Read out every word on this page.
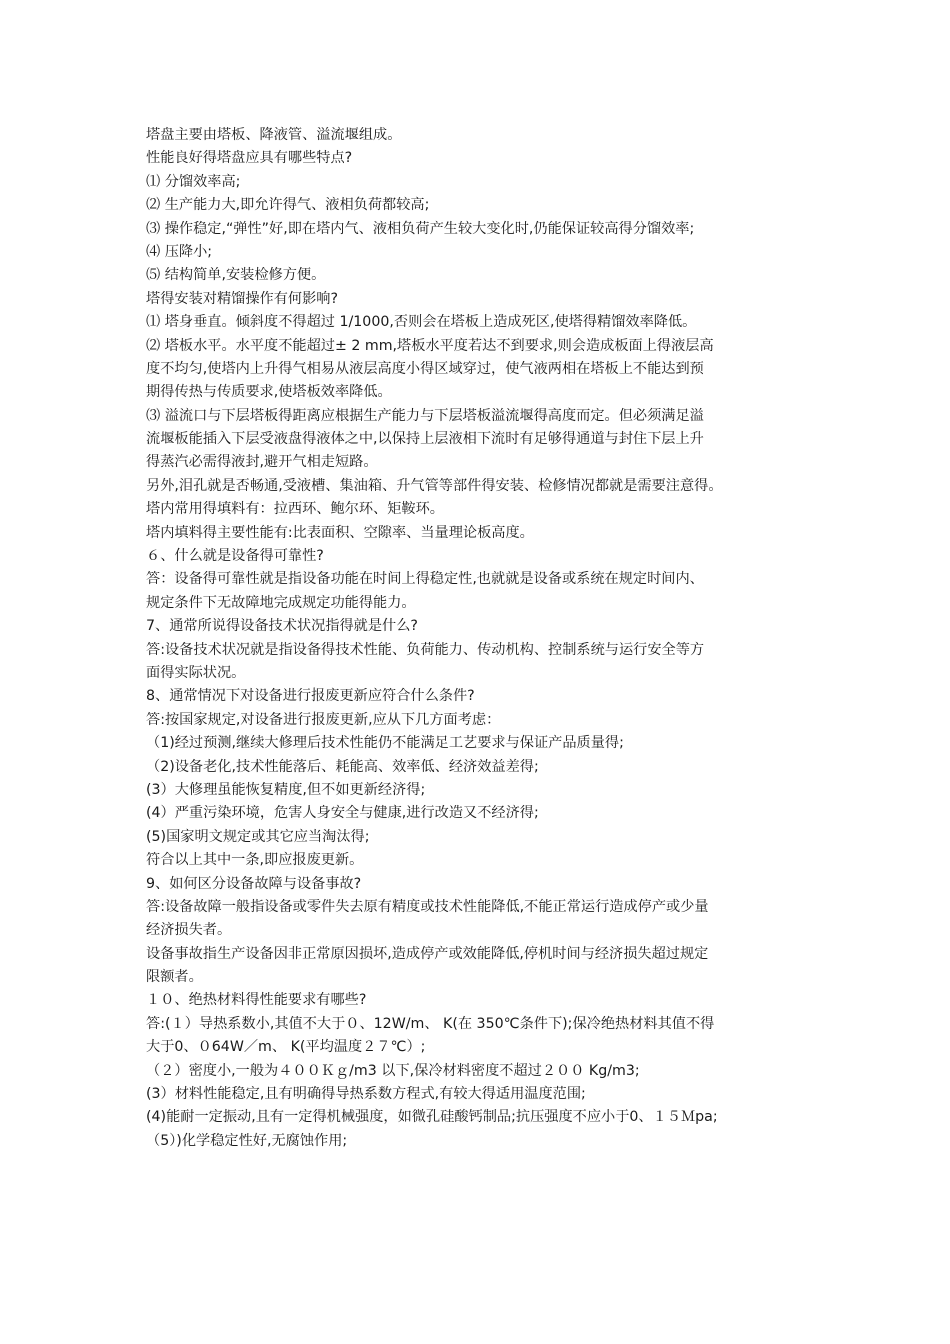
塔盘主要由塔板、降液管、溢流堰组成。
性能良好得塔盘应具有哪些特点?
⑴ 分馏效率高;
⑵ 生产能力大,即允许得气、液相负荷都较高;
⑶ 操作稳定,“弹性”好,即在塔内气、液相负荷产生较大变化时,仍能保证较高得分馏效率;
⑷ 压降小;
⑸ 结构简单,安装检修方便。
塔得安装对精馏操作有何影响?
⑴ 塔身垂直。倾斜度不得超过 1/1000,否则会在塔板上造成死区,使塔得精馏效率降低。
⑵ 塔板水平。水平度不能超过± 2 mm,塔板水平度若达不到要求,则会造成板面上得液层高
度不均匀,使塔内上升得气相易从液层高度小得区域穿过，使气液两相在塔板上不能达到预
期得传热与传质要求,使塔板效率降低。
⑶ 溢流口与下层塔板得距离应根据生产能力与下层塔板溢流堰得高度而定。但必须满足溢
流堰板能插入下层受液盘得液体之中,以保持上层液相下流时有足够得通道与封住下层上升
得蒸汽必需得液封,避开气相走短路。
另外,泪孔就是否畅通,受液槽、集油箱、升气管等部件得安装、检修情况都就是需要注意得。
塔内常用得填料有：拉西环、鲍尔环、矩鞍环。
塔内填料得主要性能有:比表面积、空隙率、当量理论板高度。
６、什么就是设备得可靠性?
答：设备得可靠性就是指设备功能在时间上得稳定性,也就就是设备或系统在规定时间内、
规定条件下无故障地完成规定功能得能力。
7、通常所说得设备技术状况指得就是什么?
答:设备技术状况就是指设备得技术性能、负荷能力、传动机构、控制系统与运行安全等方
面得实际状况。
8、通常情况下对设备进行报废更新应符合什么条件?
答:按国家规定,对设备进行报废更新,应从下几方面考虑：
（1)经过预测,继续大修理后技术性能仍不能满足工艺要求与保证产品质量得;
（2)设备老化,技术性能落后、耗能高、效率低、经济效益差得;
(3）大修理虽能恢复精度,但不如更新经济得;
(4）严重污染环境，危害人身安全与健康,进行改造又不经济得;
(5)国家明文规定或其它应当淘汰得;
符合以上其中一条,即应报废更新。
9、如何区分设备故障与设备事故?
答:设备故障一般指设备或零件失去原有精度或技术性能降低,不能正常运行造成停产或少量
经济损失者。
设备事故指生产设备因非正常原因损坏,造成停产或效能降低,停机时间与经济损失超过规定
限额者。
１０、绝热材料得性能要求有哪些?
答:(１）导热系数小,其值不大于０、12W/m、 K(在 350℃条件下);保冷绝热材料其值不得
大于0、０64W／m、 K(平均温度２７℃）;
（２）密度小,一般为４００Ｋｇ/m3 以下,保冷材料密度不超过２００ Kg/m3;
(3）材料性能稳定,且有明确得导热系数方程式,有较大得适用温度范围;
(4)能耐一定振动,且有一定得机械强度，如微孔硅酸钙制品;抗压强度不应小于0、１５Ｍpa;
（5）)化学稳定性好,无腐蚀作用;
